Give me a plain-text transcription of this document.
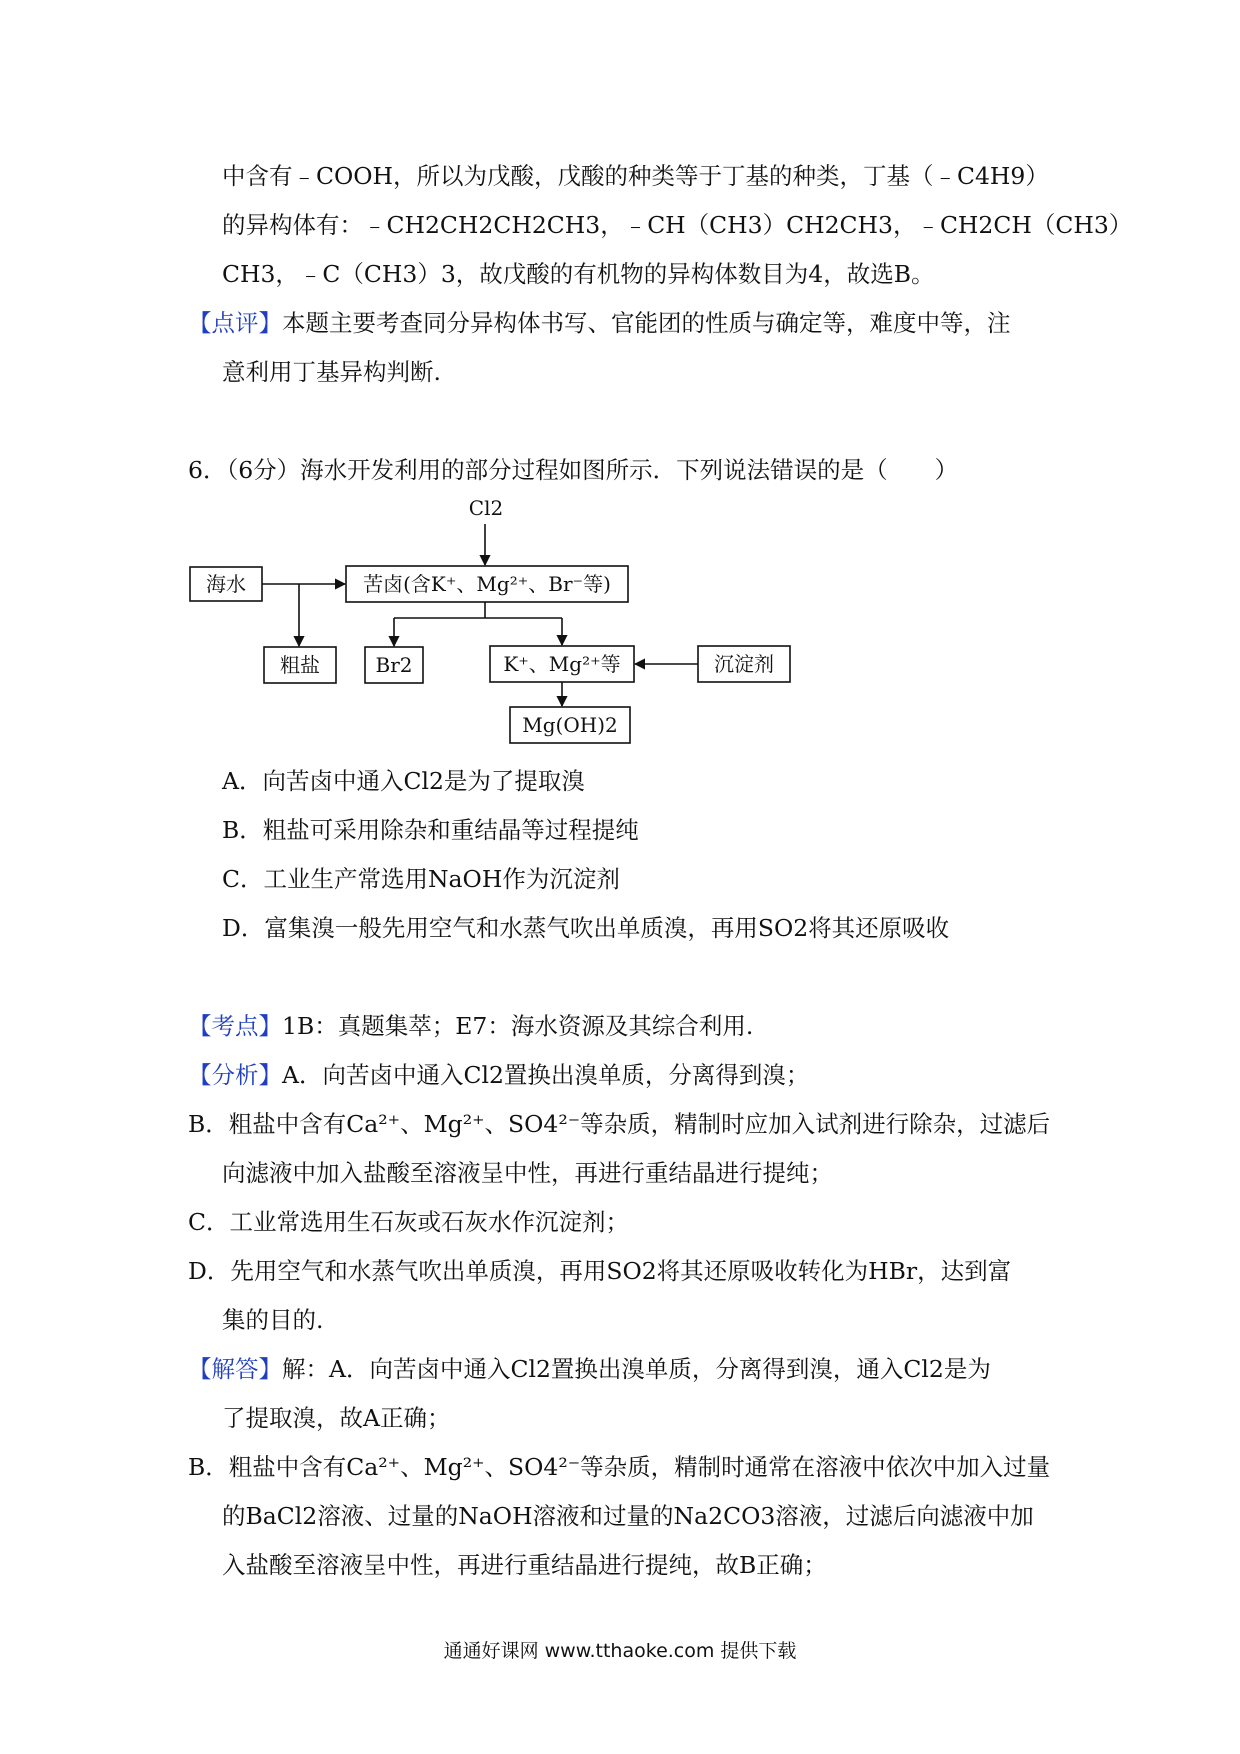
中含有﹣COOH，所以为戊酸，戊酸的种类等于丁基的种类，丁基（﹣C4H9）
的异构体有：﹣CH2CH2CH2CH3，﹣CH（CH3）CH2CH3，﹣CH2CH（CH3）
CH3，﹣C（CH3）3，故戊酸的有机物的异构体数目为4，故选B。
【点评】本题主要考查同分异构体书写、官能团的性质与确定等，难度中等，注
意利用丁基异构判断.
6．（6分）海水开发利用的部分过程如图所示．下列说法错误的是（　　）
Cl2
海水	苦卤(含K⁺、Mg²⁺、Br⁻等)
粗盐	Br2	K⁺、Mg²⁺等	沉淀剂
Mg(OH)2
A．向苦卤中通入Cl2是为了提取溴
B．粗盐可采用除杂和重结晶等过程提纯
C．工业生产常选用NaOH作为沉淀剂
D．富集溴一般先用空气和水蒸气吹出单质溴，再用SO2将其还原吸收
【考点】1B：真题集萃；E7：海水资源及其综合利用.
【分析】A．向苦卤中通入Cl2置换出溴单质，分离得到溴；
B．粗盐中含有Ca²⁺、Mg²⁺、SO4²⁻等杂质，精制时应加入试剂进行除杂，过滤后
向滤液中加入盐酸至溶液呈中性，再进行重结晶进行提纯；
C．工业常选用生石灰或石灰水作沉淀剂；
D．先用空气和水蒸气吹出单质溴，再用SO2将其还原吸收转化为HBr，达到富
集的目的.
【解答】解：A．向苦卤中通入Cl2置换出溴单质，分离得到溴，通入Cl2是为
了提取溴，故A正确；
B．粗盐中含有Ca²⁺、Mg²⁺、SO4²⁻等杂质，精制时通常在溶液中依次中加入过量
的BaCl2溶液、过量的NaOH溶液和过量的Na2CO3溶液，过滤后向滤液中加
入盐酸至溶液呈中性，再进行重结晶进行提纯，故B正确；
通通好课网 www.tthaoke.com 提供下载
